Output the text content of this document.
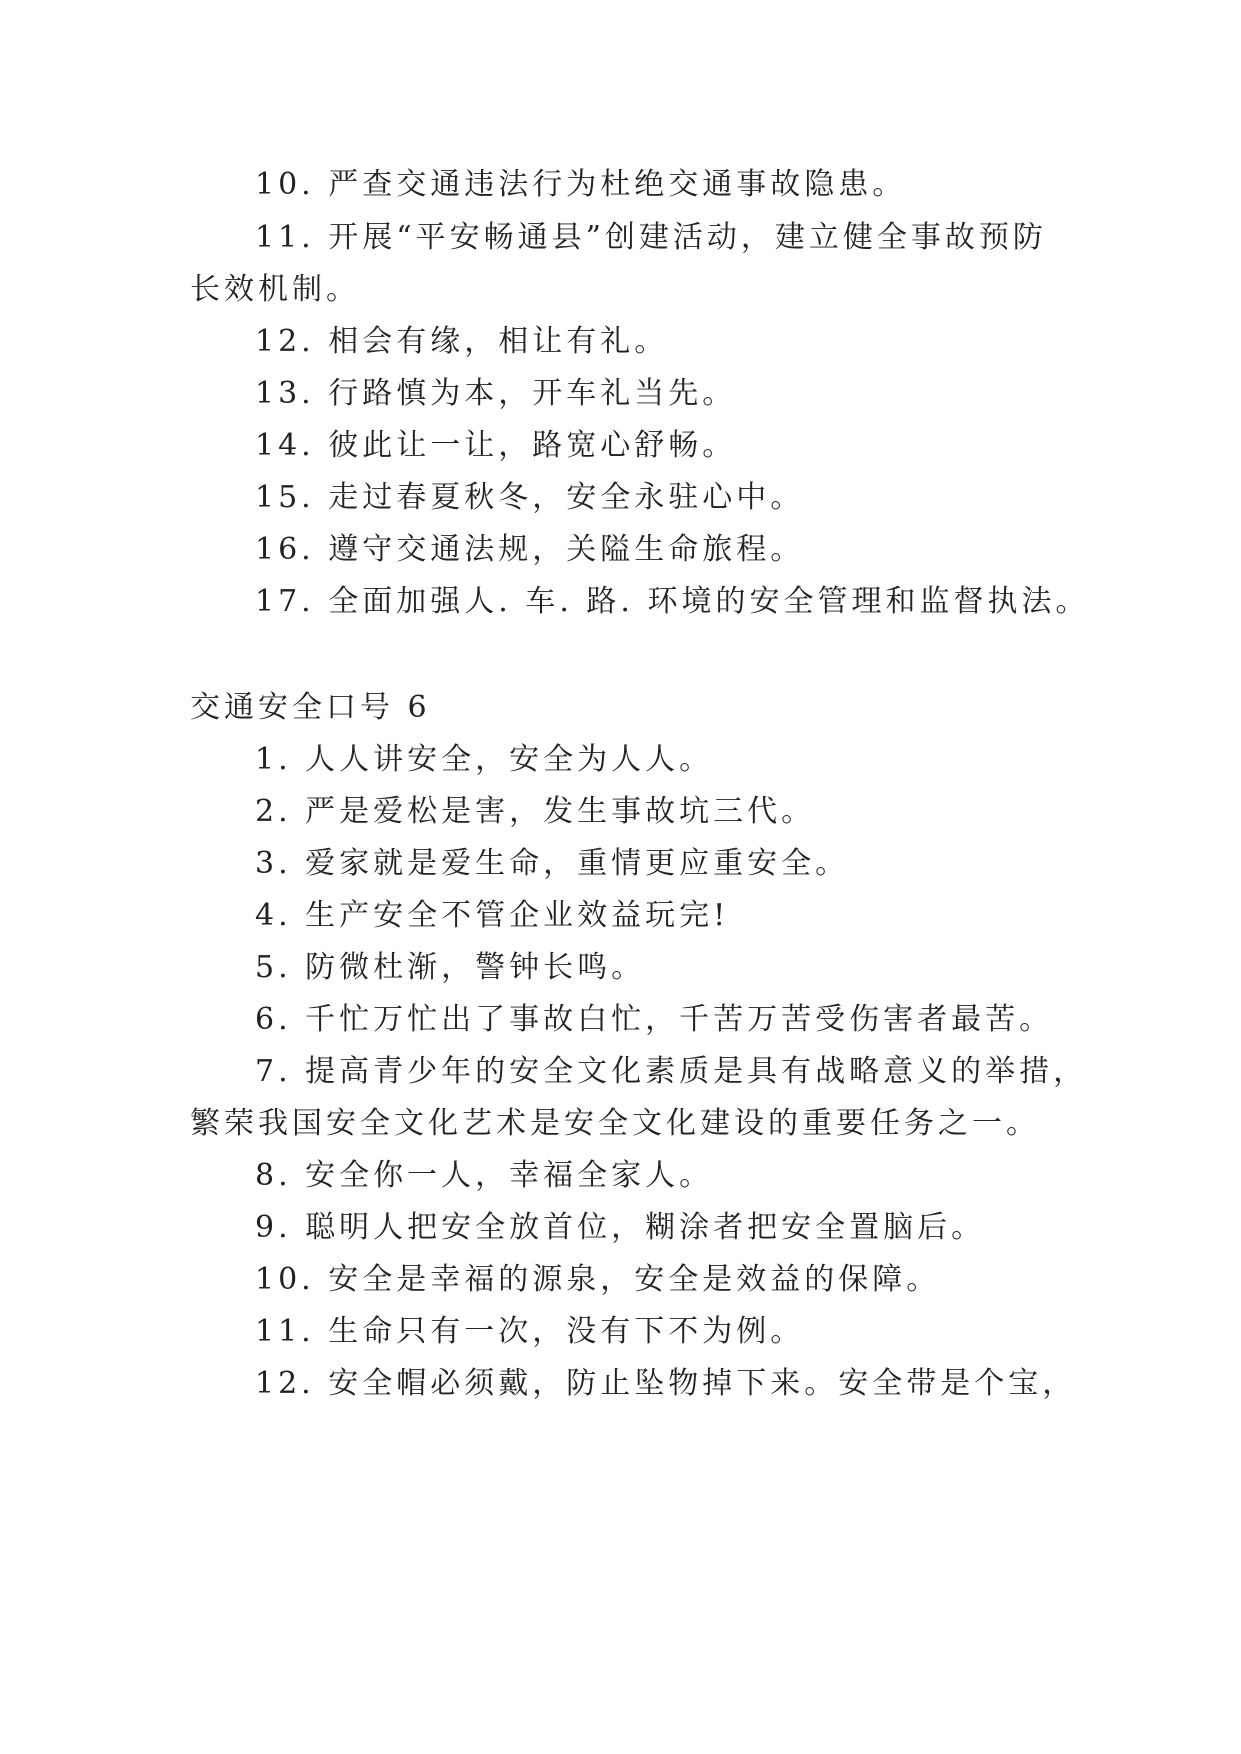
10. 严查交通违法行为杜绝交通事故隐患。
11. 开展“平安畅通县”创建活动，建立健全事故预防
长效机制。
12. 相会有缘，相让有礼。
13. 行路慎为本，开车礼当先。
14. 彼此让一让，路宽心舒畅。
15. 走过春夏秋冬，安全永驻心中。
16. 遵守交通法规，关隘生命旅程。
17. 全面加强人. 车. 路. 环境的安全管理和监督执法。
交通安全口号 6
1. 人人讲安全，安全为人人。
2. 严是爱松是害，发生事故坑三代。
3. 爱家就是爱生命，重情更应重安全。
4. 生产安全不管企业效益玩完!
5. 防微杜渐，警钟长鸣。
6. 千忙万忙出了事故白忙，千苦万苦受伤害者最苦。
7. 提高青少年的安全文化素质是具有战略意义的举措，
繁荣我国安全文化艺术是安全文化建设的重要任务之一。
8. 安全你一人，幸福全家人。
9. 聪明人把安全放首位，糊涂者把安全置脑后。
10. 安全是幸福的源泉，安全是效益的保障。
11. 生命只有一次，没有下不为例。
12. 安全帽必须戴，防止坠物掉下来。安全带是个宝，
